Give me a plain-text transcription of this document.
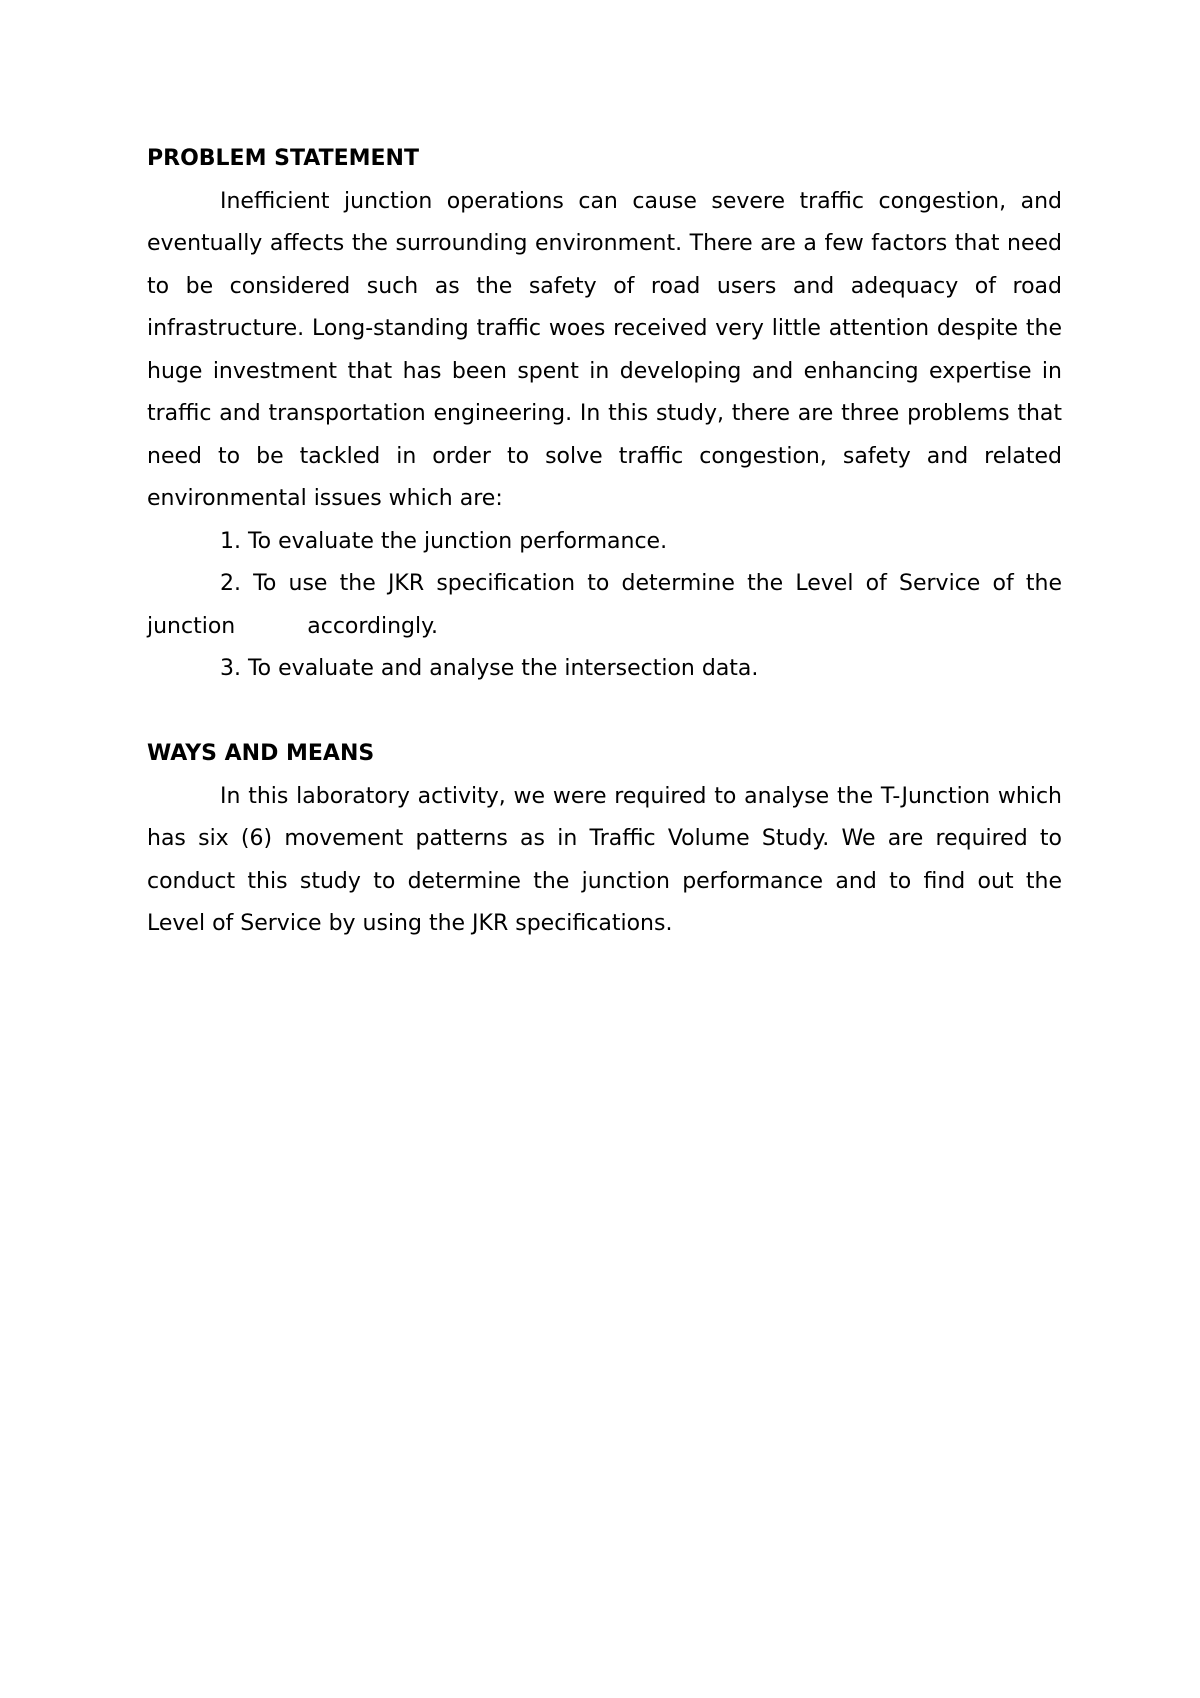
PROBLEM STATEMENT

Inefficient junction operations can cause severe traffic congestion, and eventually affects the surrounding environment. There are a few factors that need to be considered such as the safety of road users and adequacy of road infrastructure. Long-standing traffic woes received very little attention despite the huge investment that has been spent in developing and enhancing expertise in traffic and transportation engineering. In this study, there are three problems that need to be tackled in order to solve traffic congestion, safety and related environmental issues which are:

1. To evaluate the junction performance.

2. To use the JKR specification to determine the Level of Service of the junction	accordingly.

3. To evaluate and analyse the intersection data.

WAYS AND MEANS

In this laboratory activity, we were required to analyse the T-Junction which has six (6) movement patterns as in Traffic Volume Study. We are required to conduct this study to determine the junction performance and to find out the Level of Service by using the JKR specifications.
